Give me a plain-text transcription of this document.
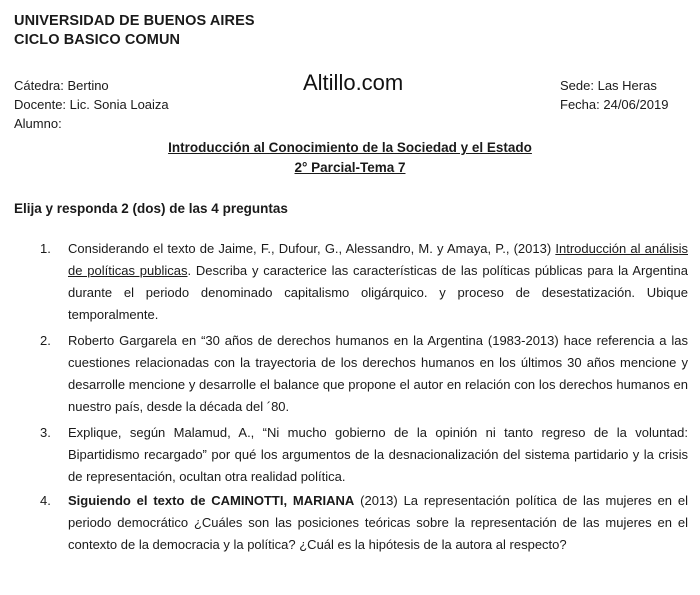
UNIVERSIDAD DE BUENOS AIRES
CICLO BASICO COMUN
Cátedra: Bertino
Docente: Lic. Sonia Loaiza
Alumno:
Altillo.com	Sede: Las Heras
Fecha: 24/06/2019
Introducción al Conocimiento de la Sociedad y el Estado
2° Parcial-Tema 7
Elija y responda 2 (dos) de las 4 preguntas
1. Considerando el texto de Jaime, F., Dufour, G., Alessandro, M. y Amaya, P., (2013) Introducción al análisis de políticas publicas. Describa y caracterice las características de las políticas públicas para la Argentina durante el periodo denominado capitalismo oligárquico. y proceso de desestatización. Ubique temporalmente.
2. Roberto Gargarela en “30 años de derechos humanos en la Argentina (1983-2013) hace referencia a las cuestiones relacionadas con la trayectoria de los derechos humanos en los últimos 30 años mencione y desarrolle mencione y desarrolle el balance que propone el autor en relación con los derechos humanos en nuestro país, desde la década del ´80.
3. Explique, según Malamud, A., “Ni mucho gobierno de la opinión ni tanto regreso de la voluntad: Bipartidismo recargado” por qué los argumentos de la desnacionalización del sistema partidario y la crisis de representación, ocultan otra realidad política.
4. Siguiendo el texto de CAMINOTTI, MARIANA (2013) La representación política de las mujeres en el periodo democrático ¿Cuáles son las posiciones teóricas sobre la representación de las mujeres en el contexto de la democracia y la política? ¿Cuál es la hipótesis de la autora al respecto?
